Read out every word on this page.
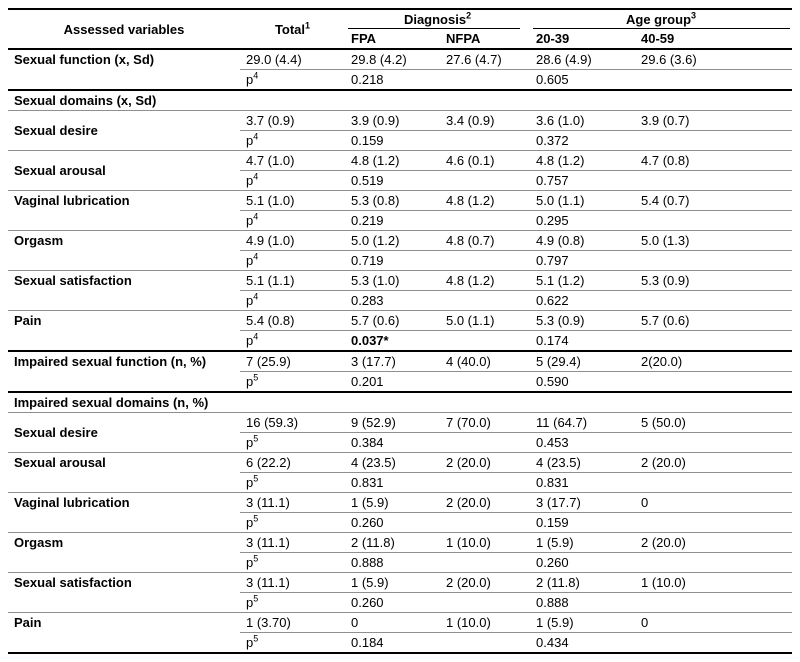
Assessed variables	Total$^1$	Diagnosis$^2$		Age group$^3$
		FPA	NFPA	20-39	40-59
Sexual function (x, Sd)	29.0 (4.4)	29.8 (4.2)	27.6 (4.7)	28.6 (4.9)	29.6 (3.6)
	$p^4$	0.218		0.605	
Sexual domains (x, Sd)					
Sexual desire	3.7 (0.9)	3.9 (0.9)	3.4 (0.9)	3.6 (1.0)	3.9 (0.7)
	$p^4$	0.159		0.372	
Sexual arousal	4.7 (1.0)	4.8 (1.2)	4.6 (0.1)	4.8 (1.2)	4.7 (0.8)
	$p^4$	0.519		0.757	
Vaginal lubrication	5.1 (1.0)	5.3 (0.8)	4.8 (1.2)	5.0 (1.1)	5.4 (0.7)
	$p^4$	0.219		0.295	
Orgasm	4.9 (1.0)	5.0 (1.2)	4.8 (0.7)	4.9 (0.8)	5.0 (1.3)
	$p^4$	0.719		0.797	
Sexual satisfaction	5.1 (1.1)	5.3 (1.0)	4.8 (1.2)	5.1 (1.2)	5.3 (0.9)
	$p^4$	0.283		0.622	
Pain	5.4 (0.8)	5.7 (0.6)	5.0 (1.1)	5.3 (0.9)	5.7 (0.6)
	$p^4$	0.037*		0.174	
Impaired sexual function (n, %)	7 (25.9)	3 (17.7)	4 (40.0)	5 (29.4)	2(20.0)
	$p^5$	0.201		0.590	
Impaired sexual domains (n, %)					
Sexual desire	16 (59.3)	9 (52.9)	7 (70.0)	11 (64.7)	5 (50.0)
	$p^5$	0.384		0.453	
Sexual arousal	6 (22.2)	4 (23.5)	2 (20.0)	4 (23.5)	2 (20.0)
	$p^5$	0.831		0.831	
Vaginal lubrication	3 (11.1)	1 (5.9)	2 (20.0)	3 (17.7)	0
	$p^5$	0.260		0.159	
Orgasm	3 (11.1)	2 (11.8)	1 (10.0)	1 (5.9)	2 (20.0)
	$p^5$	0.888		0.260	
Sexual satisfaction	3 (11.1)	1 (5.9)	2 (20.0)	2 (11.8)	1 (10.0)
	$p^5$	0.260		0.888	
Pain	1 (3.70)	0	1 (10.0)	1 (5.9)	0
	$p^5$	0.184		0.434	
